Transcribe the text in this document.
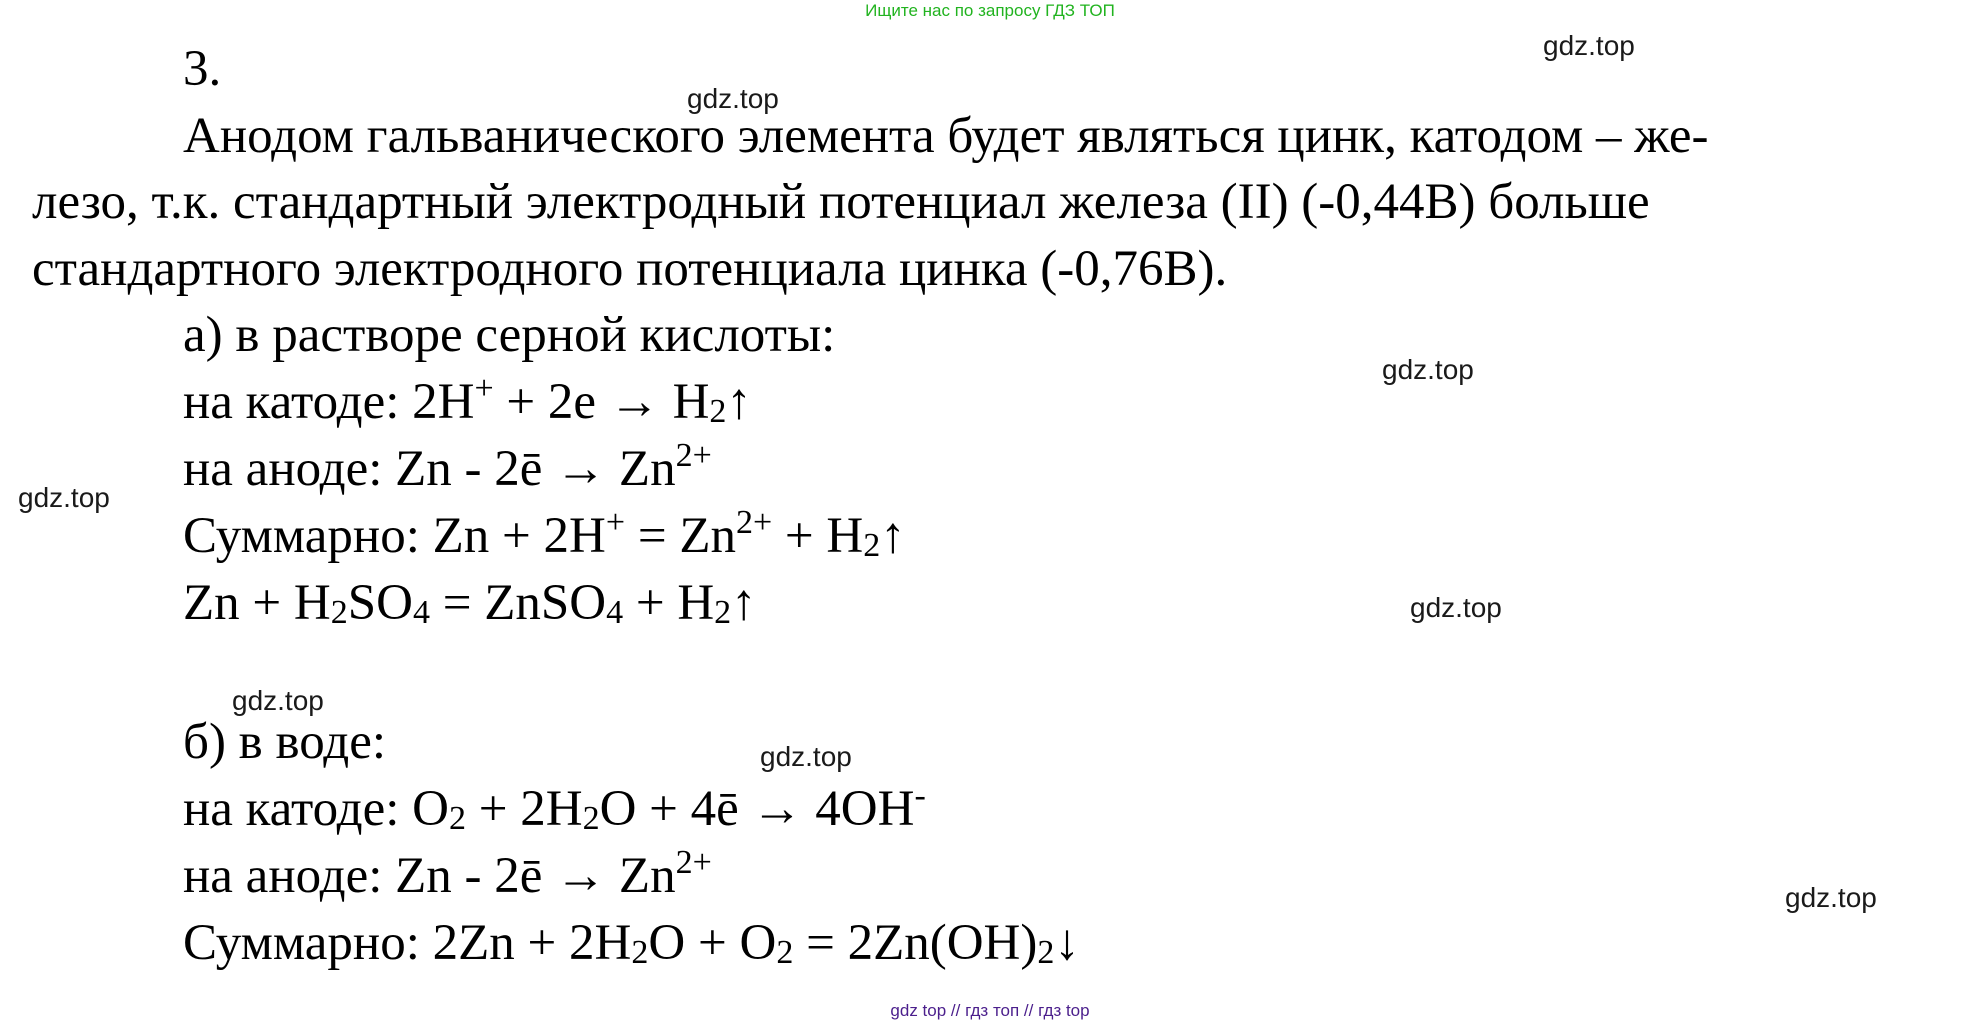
Ищите нас по запросу ГДЗ ТОП
gdz.top
gdz.top
gdz.top
gdz.top
gdz.top
gdz.top
gdz.top
gdz.top
3.
Анодом гальванического элемента будет являться цинк, катодом – же-
лезо, т.к. стандартный электродный потенциал железа (II) (-0,44В) больше
стандартного электродного потенциала цинка (-0,76В).
а) в растворе серной кислоты:
на катоде: $2H^+ + 2e \to H_2↑$
на аноде: Zn - 2ē → $Zn^{2+}$
Суммарно: $Zn + 2H^+ = Zn^{2+}$ + $H_2↑$
$Zn + H_2SO_4$ = ZnSO$_4$ + $H_2↑$
б) в воде:
на катоде: $O_2 + 2H_2O$ + 4ē → 4OH-
на аноде: Zn - 2ē → $Zn^{2+}$
Суммарно: $2Zn + 2H_2O + O_2$ = $2Zn(OH)_2↓$
gdz top // гдз топ // гдз top
